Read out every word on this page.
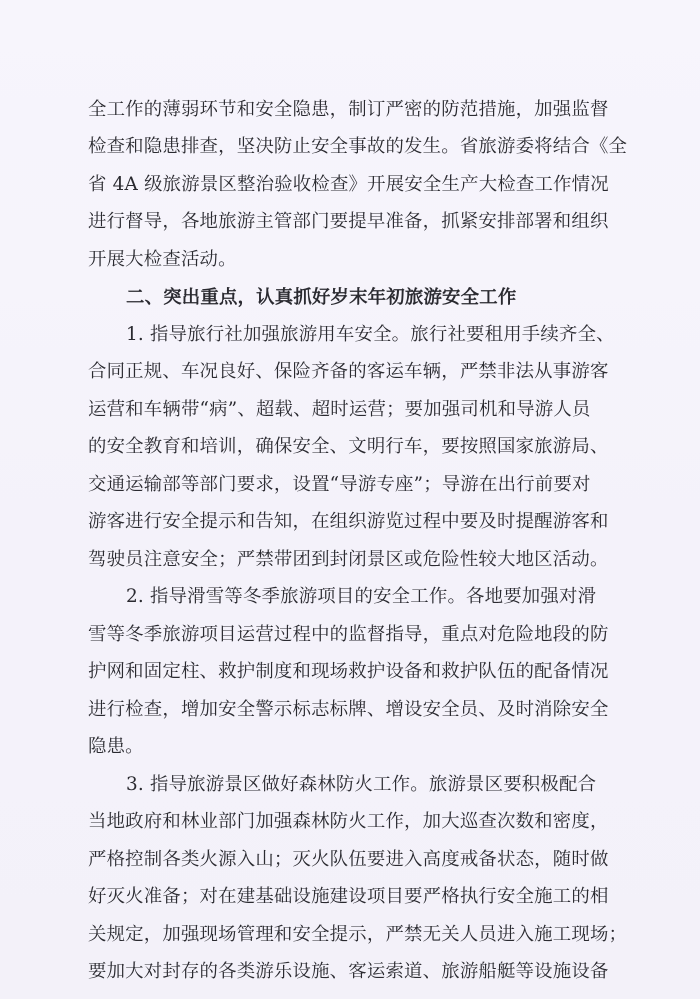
全工作的薄弱环节和安全隐患，制订严密的防范措施，加强监督
检查和隐患排查，坚决防止安全事故的发生。省旅游委将结合《全
省 4A 级旅游景区整治验收检查》开展安全生产大检查工作情况
进行督导，各地旅游主管部门要提早准备，抓紧安排部署和组织
开展大检查活动。
二、突出重点，认真抓好岁末年初旅游安全工作
1. 指导旅行社加强旅游用车安全。旅行社要租用手续齐全、
合同正规、车况良好、保险齐备的客运车辆，严禁非法从事游客
运营和车辆带“病”、超载、超时运营；要加强司机和导游人员
的安全教育和培训，确保安全、文明行车，要按照国家旅游局、
交通运输部等部门要求，设置“导游专座”；导游在出行前要对
游客进行安全提示和告知，在组织游览过程中要及时提醒游客和
驾驶员注意安全；严禁带团到封闭景区或危险性较大地区活动。
2. 指导滑雪等冬季旅游项目的安全工作。各地要加强对滑
雪等冬季旅游项目运营过程中的监督指导，重点对危险地段的防
护网和固定柱、救护制度和现场救护设备和救护队伍的配备情况
进行检查，增加安全警示标志标牌、增设安全员、及时消除安全
隐患。
3. 指导旅游景区做好森林防火工作。旅游景区要积极配合
当地政府和林业部门加强森林防火工作，加大巡查次数和密度，
严格控制各类火源入山；灭火队伍要进入高度戒备状态，随时做
好灭火准备；对在建基础设施建设项目要严格执行安全施工的相
关规定，加强现场管理和安全提示，严禁无关人员进入施工现场；
要加大对封存的各类游乐设施、客运索道、旅游船艇等设施设备
